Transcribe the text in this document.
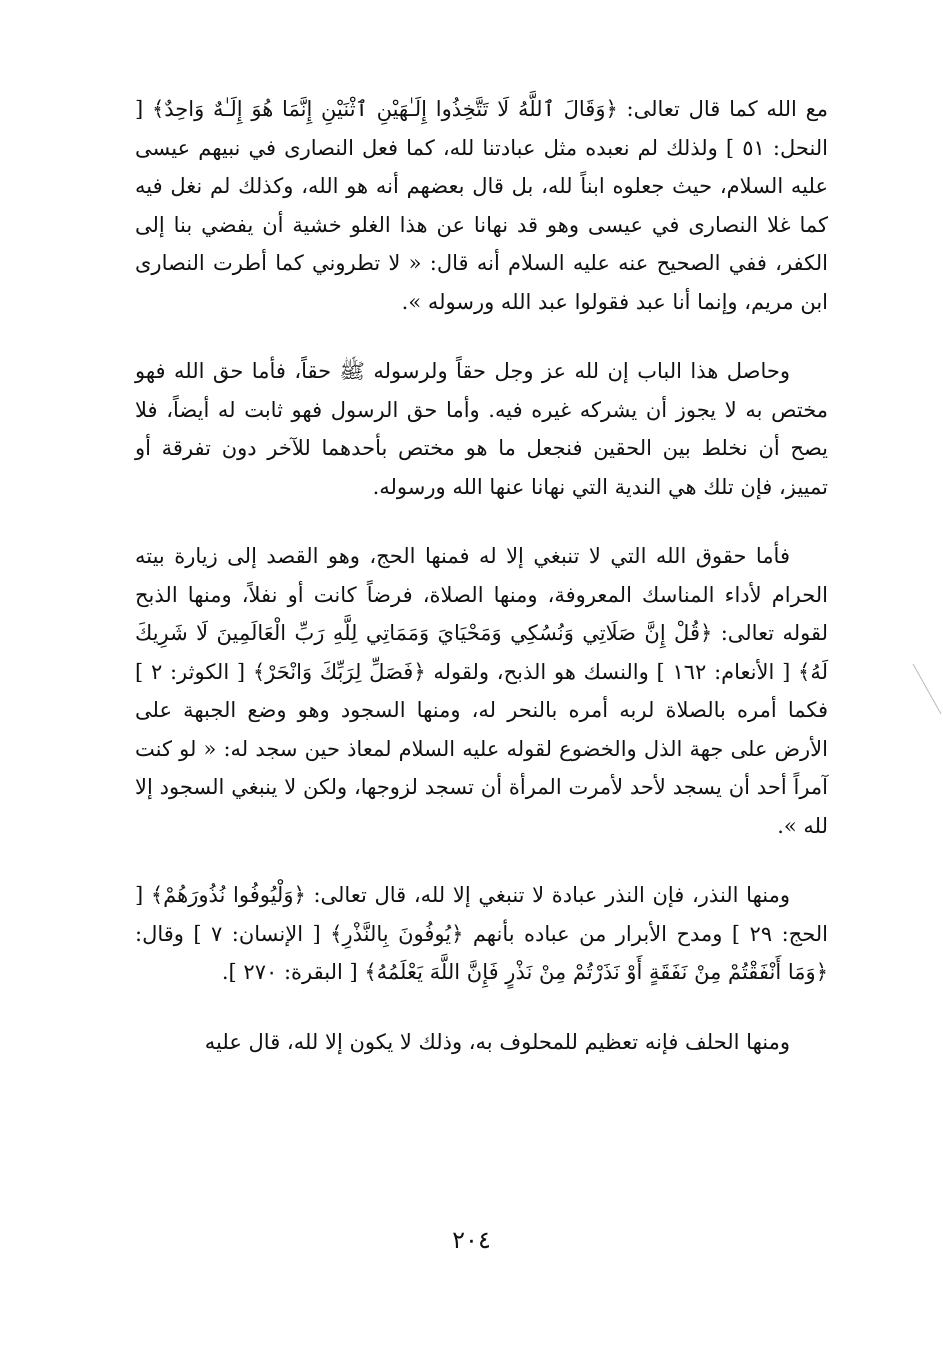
مع الله كما قال تعالى: ﴿وَقَالَ ٱللَّهُ لَا تَتَّخِذُوا إِلَـٰهَيْنِ ٱثْنَيْنِ إِنَّمَا هُوَ إِلَـٰهٌ وَاحِدٌ﴾ [ النحل: ٥١ ] ولذلك لم نعبده مثل عبادتنا لله، كما فعل النصارى في نبيهم عيسى عليه السلام، حيث جعلوه ابناً لله، بل قال بعضهم أنه هو الله، وكذلك لم نغل فيه كما غلا النصارى في عيسى وهو قد نهانا عن هذا الغلو خشية أن يفضي بنا إلى الكفر، ففي الصحيح عنه عليه السلام أنه قال: « لا تطروني كما أطرت النصارى ابن مريم، وإنما أنا عبد فقولوا عبد الله ورسوله ».

وحاصل هذا الباب إن لله عز وجل حقاً ولرسوله ﷺ حقاً، فأما حق الله فهو مختص به لا يجوز أن يشركه غيره فيه. وأما حق الرسول فهو ثابت له أيضاً، فلا يصح أن نخلط بين الحقين فنجعل ما هو مختص بأحدهما للآخر دون تفرقة أو تمييز، فإن تلك هي الندية التي نهانا عنها الله ورسوله.

فأما حقوق الله التي لا تنبغي إلا له فمنها الحج، وهو القصد إلى زيارة بيته الحرام لأداء المناسك المعروفة، ومنها الصلاة، فرضاً كانت أو نفلاً، ومنها الذبح لقوله تعالى: ﴿قُلْ إِنَّ صَلَاتِي وَنُسُكِي وَمَحْيَايَ وَمَمَاتِي لِلَّهِ رَبِّ الْعَالَمِينَ لَا شَرِيكَ لَهُ﴾ [ الأنعام: ١٦٢ ] والنسك هو الذبح، ولقوله ﴿فَصَلِّ لِرَبِّكَ وَانْحَرْ﴾ [ الكوثر: ٢ ] فكما أمره بالصلاة لربه أمره بالنحر له، ومنها السجود وهو وضع الجبهة على الأرض على جهة الذل والخضوع لقوله عليه السلام لمعاذ حين سجد له: « لو كنت آمراً أحد أن يسجد لأحد لأمرت المرأة أن تسجد لزوجها، ولكن لا ينبغي السجود إلا لله ».

ومنها النذر، فإن النذر عبادة لا تنبغي إلا لله، قال تعالى: ﴿وَلْيُوفُوا نُذُورَهُمْ﴾ [ الحج: ٢٩ ] ومدح الأبرار من عباده بأنهم ﴿يُوفُونَ بِالنَّذْرِ﴾ [ الإنسان: ٧ ] وقال: ﴿وَمَا أَنْفَقْتُمْ مِنْ نَفَقَةٍ أَوْ نَذَرْتُمْ مِنْ نَذْرٍ فَإِنَّ اللَّهَ يَعْلَمُهُ﴾ [ البقرة: ٢٧٠ ].

ومنها الحلف فإنه تعظيم للمحلوف به، وذلك لا يكون إلا لله، قال عليه

٢٠٤
